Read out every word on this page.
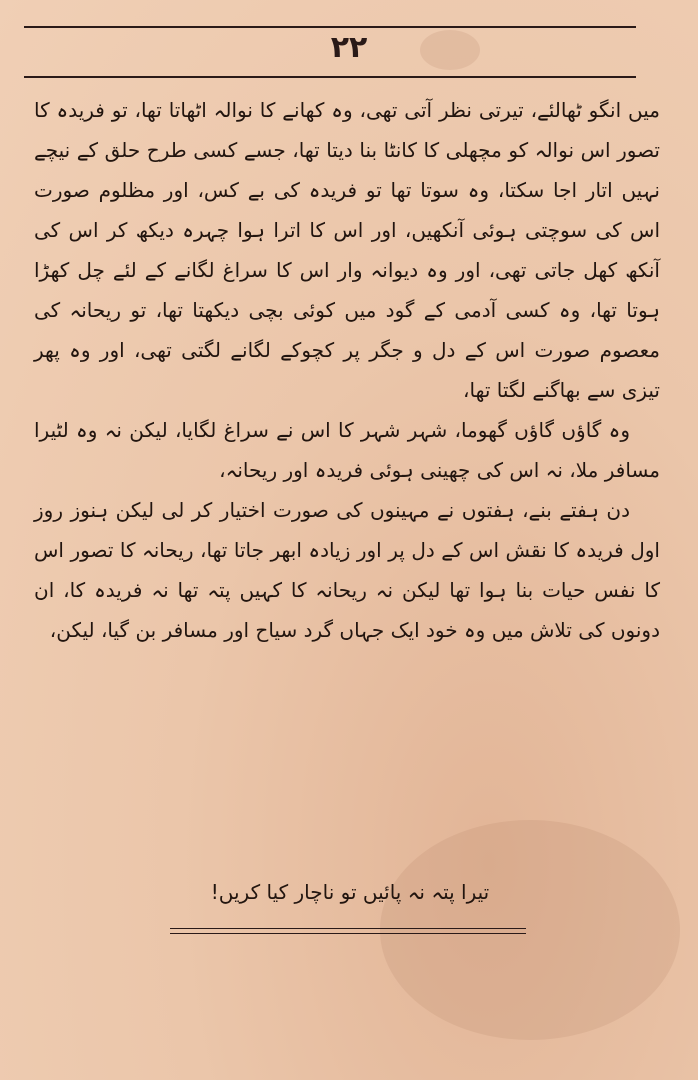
۲۲

میں انگو ٹھالئے، تیرتی نظر آتی تھی، وہ کھانے کا نوالہ اٹھاتا تھا، تو فریدہ کا تصور اس نوالہ کو مچھلی کا کانٹا بنا دیتا تھا، جسے کسی طرح حلق کے نیچے نہیں اتار اجا سکتا، وہ سوتا تھا تو فریدہ کی بے کس، اور مظلوم صورت اس کی سوچتی ہوئی آنکھیں، اور اس کا اترا ہوا چہرہ دیکھ کر اس کی آنکھ کھل جاتی تھی، اور وہ دیوانہ وار اس کا سراغ لگانے کے لئے چل کھڑا ہوتا تھا، وہ کسی آدمی کے گود میں کوئی بچی دیکھتا تھا، تو ریحانہ کی معصوم صورت اس کے دل و جگر پر کچوکے لگانے لگتی تھی، اور وہ پھر تیزی سے بھاگنے لگتا تھا،

وہ گاؤں گاؤں گھوما، شہر شہر کا اس نے سراغ لگایا، لیکن نہ وہ لٹیرا مسافر ملا، نہ اس کی چھینی ہوئی فریدہ اور ریحانہ،

دن ہفتے بنے، ہفتوں نے مہینوں کی صورت اختیار کر لی لیکن ہنوز روز اول فریدہ کا نقش اس کے دل پر اور زیادہ ابھر جاتا تھا، ریحانہ کا تصور اس کا نفس حیات بنا ہوا تھا لیکن نہ ریحانہ کا کہیں پتہ تھا نہ فریدہ کا، ان دونوں کی تلاش میں وہ خود ایک جہاں گرد سیاح اور مسافر بن گیا، لیکن،

تیرا پتہ نہ پائیں تو ناچار کیا کریں!
